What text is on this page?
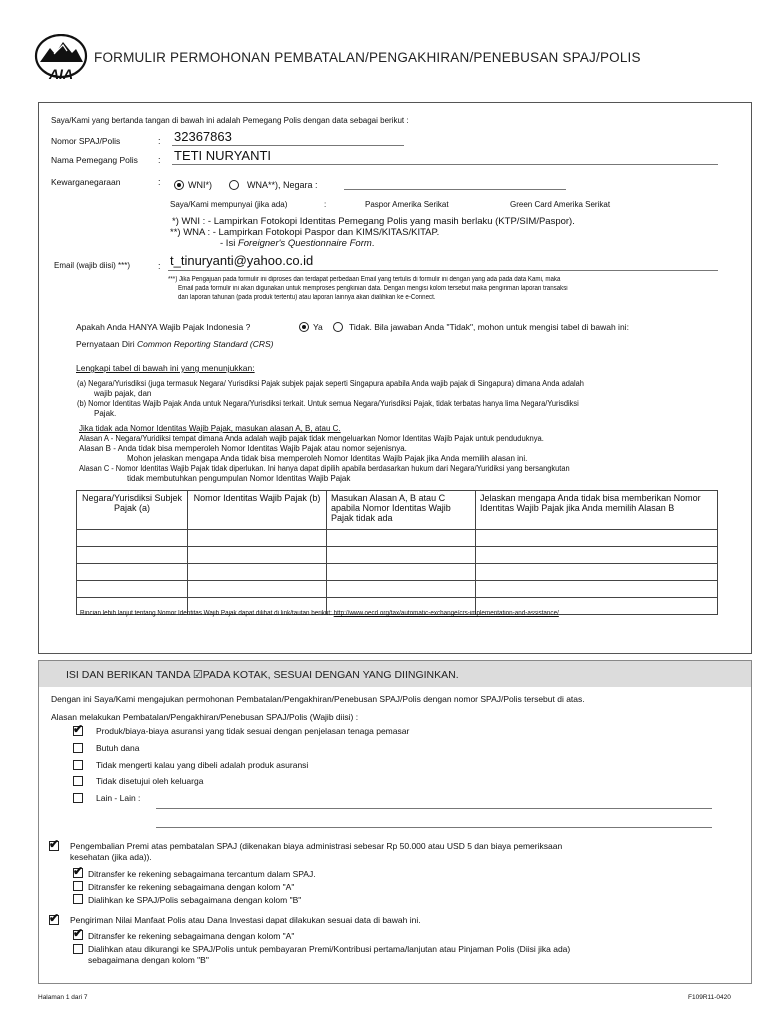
AIA
FORMULIR PERMOHONAN PEMBATALAN/PENGAKHIRAN/PENEBUSAN SPAJ/POLIS
Saya/Kami yang bertanda tangan di bawah ini adalah Pemegang Polis dengan data sebagai berikut :
Nomor SPAJ/Polis	: 32367863
Nama Pemegang Polis : TETI NURYANTI
Kewarganegaraan	:	WNI*)	WNA**), Negara :
Saya/Kami mempunyai (jika ada)	:	Paspor Amerika Serikat	Green Card Amerika Serikat
*) WNI : - Lampirkan Fotokopi Identitas Pemegang Polis yang masih berlaku (KTP/SIM/Paspor).
**) WNA : - Lampirkan Fotokopi Paspor dan KIMS/KITAS/KITAP.
- Isi Foreigner's Questionnaire Form.
Email (wajib diisi) ***)	: t_tinuryanti@yahoo.co.id
***) Jika Pengajuan pada formulir ini diproses dan terdapat perbedaan Email yang tertulis di formulir ini dengan yang ada pada data Kami, maka
Email pada formulir ini akan digunakan untuk memproses pengkinian data. Dengan mengisi kolom tersebut maka pengiriman laporan transaksi
dan laporan tahunan (pada produk tertentu) atau laporan lainnya akan dialihkan ke e-Connect.
Apakah Anda HANYA Wajib Pajak Indonesia ?	Ya	Tidak. Bila jawaban Anda "Tidak", mohon untuk mengisi tabel di bawah ini:
Pernyataan Diri Common Reporting Standard (CRS)
Lengkapi tabel di bawah ini yang menunjukkan:
(a) Negara/Yurisdiksi (juga termasuk Negara/ Yurisdiksi Pajak subjek pajak seperti Singapura apabila Anda wajib pajak di Singapura) dimana Anda adalah
wajib pajak, dan
(b) Nomor Identitas Wajib Pajak Anda untuk Negara/Yurisdiksi terkait. Untuk semua Negara/Yurisdiksi Pajak, tidak terbatas hanya lima Negara/Yurisdiksi
Pajak.
Jika tidak ada Nomor Identitas Wajib Pajak, masukan alasan A, B, atau C.
Alasan A - Negara/Yuridiksi tempat dimana Anda adalah wajib pajak tidak mengeluarkan Nomor Identitas Wajib Pajak untuk penduduknya.
Alasan B - Anda tidak bisa memperoleh Nomor Identitas Wajib Pajak atau nomor sejenisnya.
Mohon jelaskan mengapa Anda tidak bisa memperoleh Nomor Identitas Wajib Pajak jika Anda memilih alasan ini.
Alasan C - Nomor Identitas Wajib Pajak tidak diperlukan. Ini hanya dapat dipilih apabila berdasarkan hukum dari Negara/Yuridiksi yang bersangkutan
tidak membutuhkan pengumpulan Nomor Identitas Wajib Pajak
Negara/Yurisdiksi Subjek Pajak (a)	Nomor Identitas Wajib Pajak (b)	Masukan Alasan A, B atau C apabila Nomor Identitas Wajib Pajak tidak ada	Jelaskan mengapa Anda tidak bisa memberikan Nomor Identitas Wajib Pajak jika Anda memilih Alasan B

Rincian lebih lanjut tentang Nomor Identitas Wajib Pajak dapat dilihat di link/tautan berikut: http://www.oecd.org/tax/automatic-exchange/crs-implementation-and-assistance/
ISI DAN BERIKAN TANDA ☑PADA KOTAK, SESUAI DENGAN YANG DIINGINKAN.
Dengan ini Saya/Kami mengajukan permohonan Pembatalan/Pengakhiran/Penebusan SPAJ/Polis dengan nomor SPAJ/Polis tersebut di atas.
Alasan melakukan Pembatalan/Pengakhiran/Penebusan SPAJ/Polis (Wajib diisi) :
✔
Produk/biaya-biaya asuransi yang tidak sesuai dengan penjelasan tenaga pemasar
Butuh dana
Tidak mengerti kalau yang dibeli adalah produk asuransi
Tidak disetujui oleh keluarga
Lain - Lain :
✔
Pengembalian Premi atas pembatalan SPAJ (dikenakan biaya administrasi sebesar Rp 50.000 atau USD 5 dan biaya pemeriksaan
kesehatan (jika ada)).
✔
Ditransfer ke rekening sebagaimana tercantum dalam SPAJ.
Ditransfer ke rekening sebagaimana dengan kolom "A"
Dialihkan ke SPAJ/Polis sebagaimana dengan kolom "B"
✔
Pengiriman Nilai Manfaat Polis atau Dana Investasi dapat dilakukan sesuai data di bawah ini.
✔
Ditransfer ke rekening sebagaimana dengan kolom "A"
Dialihkan atau dikurangi ke SPAJ/Polis untuk pembayaran Premi/Kontribusi pertama/lanjutan atau Pinjaman Polis (Diisi jika ada)
sebagaimana dengan kolom "B"
Halaman 1 dari 7	F109R11-0420
